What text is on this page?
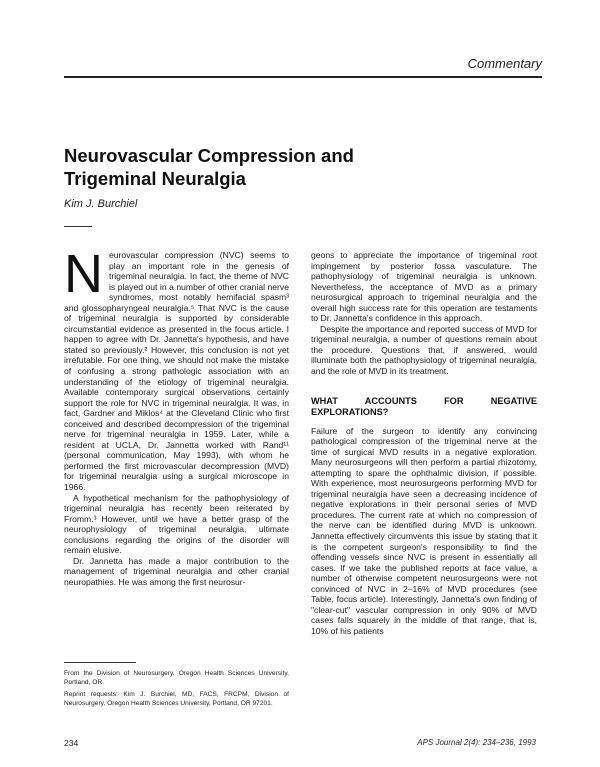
Commentary
Neurovascular Compression and
Trigeminal Neuralgia
Kim J. Burchiel

Neurovascular compression (NVC) seems to play an important role in the genesis of trigeminal neuralgia. In fact, the theme of NVC is played out in a number of other cranial nerve syndromes, most notably hemifacial spasm³ and glossopharyngeal neuralgia.⁵ That NVC is the cause of trigeminal neuralgia is supported by considerable circumstantial evidence as presented in the focus article. I happen to agree with Dr. Jannetta's hypothesis, and have stated so previously.² However, this conclusion is not yet irrefutable. For one thing, we should not make the mistake of confusing a strong pathologic association with an understanding of the etiology of trigeminal neuralgia. Available contemporary surgical observations certainly support the role for NVC in trigeminal neuralgia. It was, in fact, Gardner and Miklos⁴ at the Cleveland Clinic who first conceived and described decompression of the trigeminal nerve for trigeminal neuralgia in 1959. Later, while a resident at UCLA, Dr. Jannetta worked with Rand¹¹ (personal communication, May 1993), with whom he performed the first microvascular decompression (MVD) for trigeminal neuralgia using a surgical microscope in 1966.

A hypothetical mechanism for the pathophysiology of trigeminal neuralgia has recently been reiterated by Fromm.³ However, until we have a better grasp of the neurophysiology of trigeminal neuralgia, ultimate conclusions regarding the origins of the disorder will remain elusive.

Dr. Jannetta has made a major contribution to the management of trigeminal neuralgia and other cranial neuropathies. He was among the first neurosur-

geons to appreciate the importance of trigeminal root impingement by posterior fossa vasculature. The pathophysiology of trigeminal neuralgia is unknown. Nevertheless, the acceptance of MVD as a primary neurosurgical approach to trigeminal neuralgia and the overall high success rate for this operation are testaments to Dr. Jannetta's confidence in this approach.

Despite the importance and reported success of MVD for trigeminal neuralgia, a number of questions remain about the procedure. Questions that, if answered, would illuminate both the pathophysiology of trigeminal neuralgia, and the role of MVD in its treatment.

WHAT ACCOUNTS FOR NEGATIVE EXPLORATIONS?

Failure of the surgeon to identify any convincing pathological compression of the trigeminal nerve at the time of surgical MVD results in a negative exploration. Many neurosurgeons will then perform a partial rhizotomy, attempting to spare the ophthalmic division, if possible. With experience, most neurosurgeons performing MVD for trigeminal neuralgia have seen a decreasing incidence of negative explorations in their personal series of MVD procedures. The current rate at which no compression of the nerve can be identified during MVD is unknown. Jannetta effectively circumvents this issue by stating that it is the competent surgeon's responsibility to find the offending vessels since NVC is present in essentially all cases. If we take the published reports at face value, a number of otherwise competent neurosurgeons were not convinced of NVC in 2–16% of MVD procedures (see Table, focus article). Interestingly, Jannetta's own finding of "clear-cut" vascular compression in only 90% of MVD cases falls squarely in the middle of that range, that is, 10% of his patients

From the Division of Neurosurgery, Oregon Health Sciences University, Portland, OR.

Reprint requests: Kim J. Burchiel, MD, FACS, FRCPM, Division of Neurosurgery, Oregon Health Sciences University, Portland, OR 97201.

234	APS Journal 2(4): 234–236, 1993
